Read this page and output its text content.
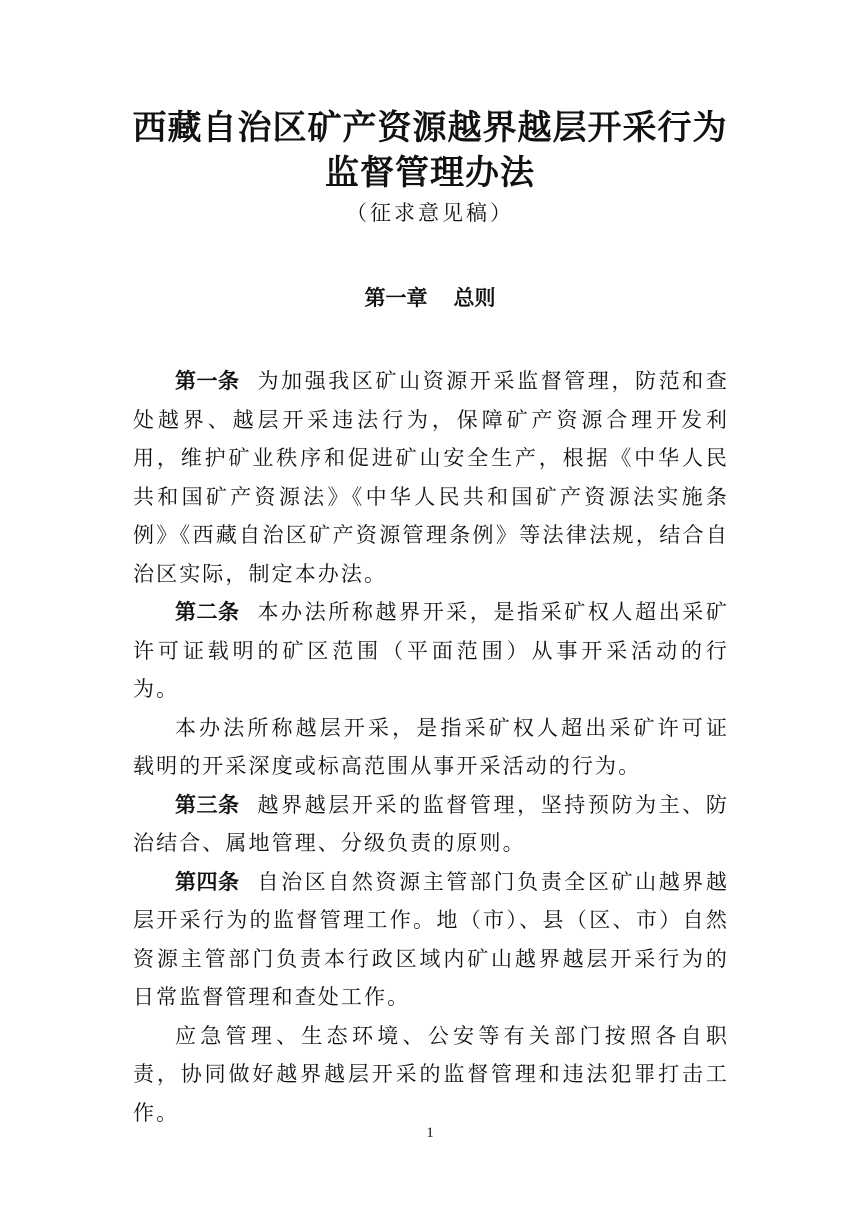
西藏自治区矿产资源越界越层开采行为
监督管理办法
（征求意见稿）
第一章 总则

第一条 为加强我区矿山资源开采监督管理，防范和查处越界、越层开采违法行为，保障矿产资源合理开发利用，维护矿业秩序和促进矿山安全生产，根据《中华人民共和国矿产资源法》《中华人民共和国矿产资源法实施条例》《西藏自治区矿产资源管理条例》等法律法规，结合自治区实际，制定本办法。

第二条 本办法所称越界开采，是指采矿权人超出采矿许可证载明的矿区范围（平面范围）从事开采活动的行为。

本办法所称越层开采，是指采矿权人超出采矿许可证载明的开采深度或标高范围从事开采活动的行为。

第三条 越界越层开采的监督管理，坚持预防为主、防治结合、属地管理、分级负责的原则。

第四条 自治区自然资源主管部门负责全区矿山越界越层开采行为的监督管理工作。地（市）、县（区、市）自然资源主管部门负责本行政区域内矿山越界越层开采行为的日常监督管理和查处工作。

应急管理、生态环境、公安等有关部门按照各自职责，协同做好越界越层开采的监督管理和违法犯罪打击工作。

1
